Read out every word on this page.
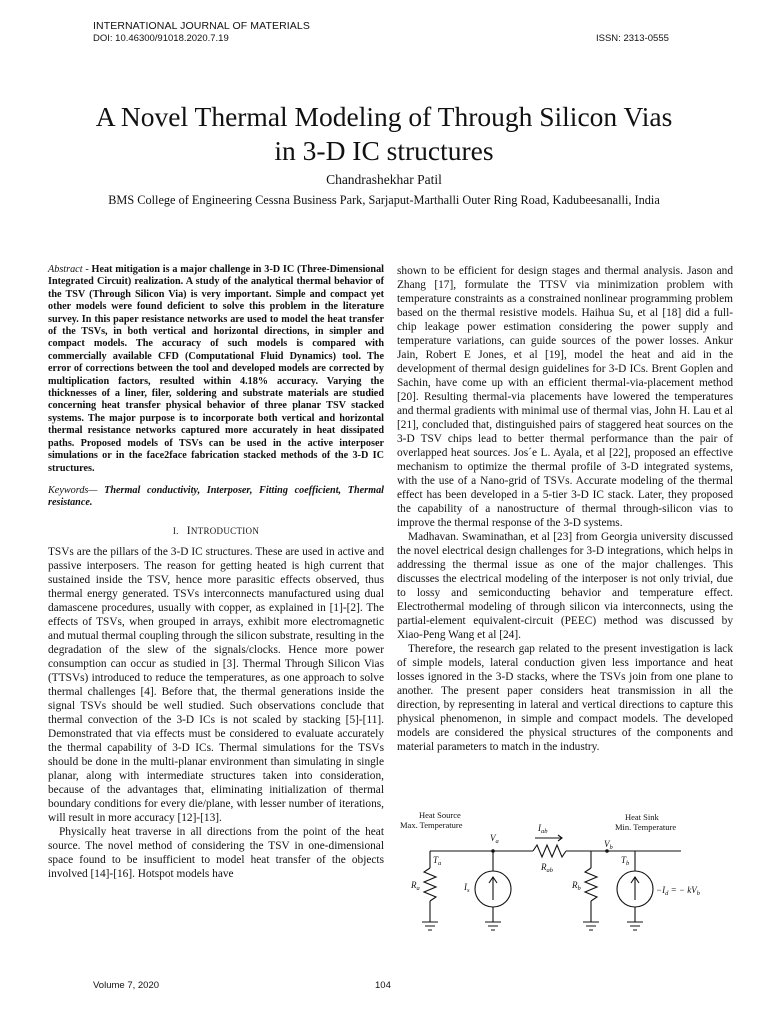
INTERNATIONAL JOURNAL OF MATERIALS
DOI: 10.46300/91018.2020.7.19	ISSN: 2313-0555
A Novel Thermal Modeling of Through Silicon Vias
in 3-D IC structures
Chandrashekhar Patil
BMS College of Engineering Cessna Business Park, Sarjaput-Marthalli Outer Ring Road, Kadubeesanalli, India

Abstract - Heat mitigation is a major challenge in 3-D IC (Three-Dimensional Integrated Circuit) realization. A study of the analytical thermal behavior of the TSV (Through Silicon Via) is very important. Simple and compact yet other models were found deficient to solve this problem in the literature survey. In this paper resistance networks are used to model the heat transfer of the TSVs, in both vertical and horizontal directions, in simpler and compact models. The accuracy of such models is compared with commercially available CFD (Computational Fluid Dynamics) tool. The error of corrections between the tool and developed models are corrected by multiplication factors, resulted within 4.18% accuracy. Varying the thicknesses of a liner, filer, soldering and substrate materials are studied concerning heat transfer physical behavior of three planar TSV stacked systems. The major purpose is to incorporate both vertical and horizontal thermal resistance networks captured more accurately in heat dissipated paths. Proposed models of TSVs can be used in the active interposer simulations or in the face2face fabrication stacked methods of the 3-D IC structures.

Keywords— Thermal conductivity, Interposer, Fitting coefficient, Thermal resistance.

I. INTRODUCTION

TSVs are the pillars of the 3-D IC structures. These are used in active and passive interposers. The reason for getting heated is high current that sustained inside the TSV, hence more parasitic effects observed, thus thermal energy generated. TSVs interconnects manufactured using dual damascene procedures, usually with copper, as explained in [1]-[2]. The effects of TSVs, when grouped in arrays, exhibit more electromagnetic and mutual thermal coupling through the silicon substrate, resulting in the degradation of the slew of the signals/clocks. Hence more power consumption can occur as studied in [3]. Thermal Through Silicon Vias (TTSVs) introduced to reduce the temperatures, as one approach to solve thermal challenges [4]. Before that, the thermal generations inside the signal TSVs should be well studied. Such observations conclude that thermal convection of the 3-D ICs is not scaled by stacking [5]-[11]. Demonstrated that via effects must be considered to evaluate accurately the thermal capability of 3-D ICs. Thermal simulations for the TSVs should be done in the multi-planar environment than simulating in single planar, along with intermediate structures taken into consideration, because of the advantages that, eliminating initialization of thermal boundary conditions for every die/plane, with lesser number of iterations, will result in more accuracy [12]-[13].

Physically heat traverse in all directions from the point of the heat source. The novel method of considering the TSV in one-dimensional space found to be insufficient to model heat transfer of the objects involved [14]-[16]. Hotspot models have

shown to be efficient for design stages and thermal analysis. Jason and Zhang [17], formulate the TTSV via minimization problem with temperature constraints as a constrained nonlinear programming problem based on the thermal resistive models. Haihua Su, et al [18] did a full-chip leakage power estimation considering the power supply and temperature variations, can guide sources of the power losses. Ankur Jain, Robert E Jones, et al [19], model the heat and aid in the development of thermal design guidelines for 3-D ICs. Brent Goplen and Sachin, have come up with an efficient thermal-via-placement method [20]. Resulting thermal-via placements have lowered the temperatures and thermal gradients with minimal use of thermal vias, John H. Lau et al [21], concluded that, distinguished pairs of staggered heat sources on the 3-D TSV chips lead to better thermal performance than the pair of overlapped heat sources. Jos´e L. Ayala, et al [22], proposed an effective mechanism to optimize the thermal profile of 3-D integrated systems, with the use of a Nano-grid of TSVs. Accurate modeling of the thermal effect has been developed in a 5-tier 3-D IC stack. Later, they proposed the capability of a nanostructure of thermal through-silicon vias to improve the thermal response of the 3-D systems.

Madhavan. Swaminathan, et al [23] from Georgia university discussed the novel electrical design challenges for 3-D integrations, which helps in addressing the thermal issue as one of the major challenges. This discusses the electrical modeling of the interposer is not only trivial, due to lossy and semiconducting behavior and temperature effect. Electrothermal modeling of through silicon via interconnects, using the partial-element equivalent-circuit (PEEC) method was discussed by Xiao-Peng Wang et al [24].

Therefore, the research gap related to the present investigation is lack of simple models, lateral conduction given less importance and heat losses ignored in the 3-D stacks, where the TSVs join from one plane to another. The present paper considers heat transmission in all the direction, by representing in lateral and vertical directions to capture this physical phenomenon, in simple and compact models. The developed models are considered the physical structures of the components and material parameters to match in the industry.

Heat Source
Max. Temperature
Heat Sink
Min. Temperature
$V_a$	$V_b$
$I_{ab}$
$R_{ab}$
$T_a$	$T_b$
$R_a$	$R_b$
$I_s$	$-I_d$ = − $kV_b$
Volume 7, 2020	104
